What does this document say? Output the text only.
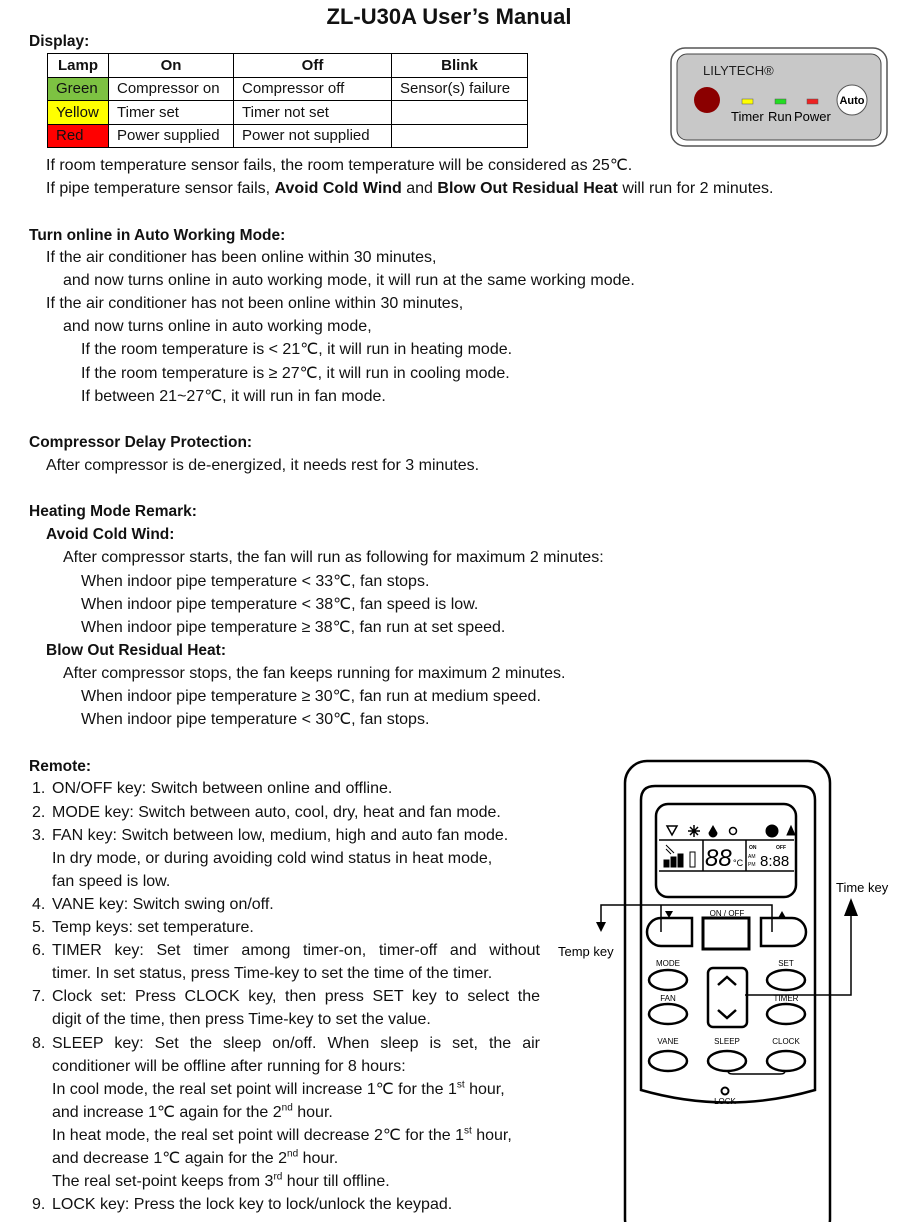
ZL-U30A User’s Manual
Display:
Lamp	On	Off	Blink
Green	Compressor on	Compressor off	Sensor(s) failure
Yellow	Timer set	Timer not set	
Red	Power supplied	Power not supplied	
LILYTECH®
Timer Run Power
Auto
If room temperature sensor fails, the room temperature will be considered as 25℃.
If pipe temperature sensor fails, Avoid Cold Wind and Blow Out Residual Heat will run for 2 minutes.
Turn online in Auto Working Mode:
If the air conditioner has been online within 30 minutes,
and now turns online in auto working mode, it will run at the same working mode.
If the air conditioner has not been online within 30 minutes,
and now turns online in auto working mode,
If the room temperature is < 21℃, it will run in heating mode.
If the room temperature is ≥ 27℃, it will run in cooling mode.
If between 21~27℃, it will run in fan mode.
Compressor Delay Protection:
After compressor is de-energized, it needs rest for 3 minutes.
Heating Mode Remark:
Avoid Cold Wind:
After compressor starts, the fan will run as following for maximum 2 minutes:
When indoor pipe temperature < 33℃, fan stops.
When indoor pipe temperature < 38℃, fan speed is low.
When indoor pipe temperature ≥ 38℃, fan run at set speed.
Blow Out Residual Heat:
After compressor stops, the fan keeps running for maximum 2 minutes.
When indoor pipe temperature ≥ 30℃, fan run at medium speed.
When indoor pipe temperature < 30℃, fan stops.
Remote:
1. ON/OFF key: Switch between online and offline.
2. MODE key: Switch between auto, cool, dry, heat and fan mode.
3. FAN key: Switch between low, medium, high and auto fan mode.
In dry mode, or during avoiding cold wind status in heat mode,
fan speed is low.
4. VANE key: Switch swing on/off.
5. Temp keys: set temperature.
6. TIMER key: Set timer among timer-on, timer-off and without
timer. In set status, press Time-key to set the time of the timer.
7. Clock set: Press CLOCK key, then press SET key to select the
digit of the time, then press Time-key to set the value.
8. SLEEP key: Set the sleep on/off. When sleep is set, the air
conditioner will be offline after running for 8 hours:
In cool mode, the real set point will increase 1℃ for the 1st hour,
and increase 1℃ again for the 2nd hour.
In heat mode, the real set point will decrease 2℃ for the 1st hour,
and decrease 1℃ again for the 2nd hour.
The real set-point keeps from 3rd hour till offline.
9. LOCK key: Press the lock key to lock/unlock the keypad.
88 °C
AM
PM 8:88
ON	OFF
ON / OFF
MODE	SET
FAN	TIMER
VANE	SLEEP	CLOCK
LOCK
Temp key
Time key
